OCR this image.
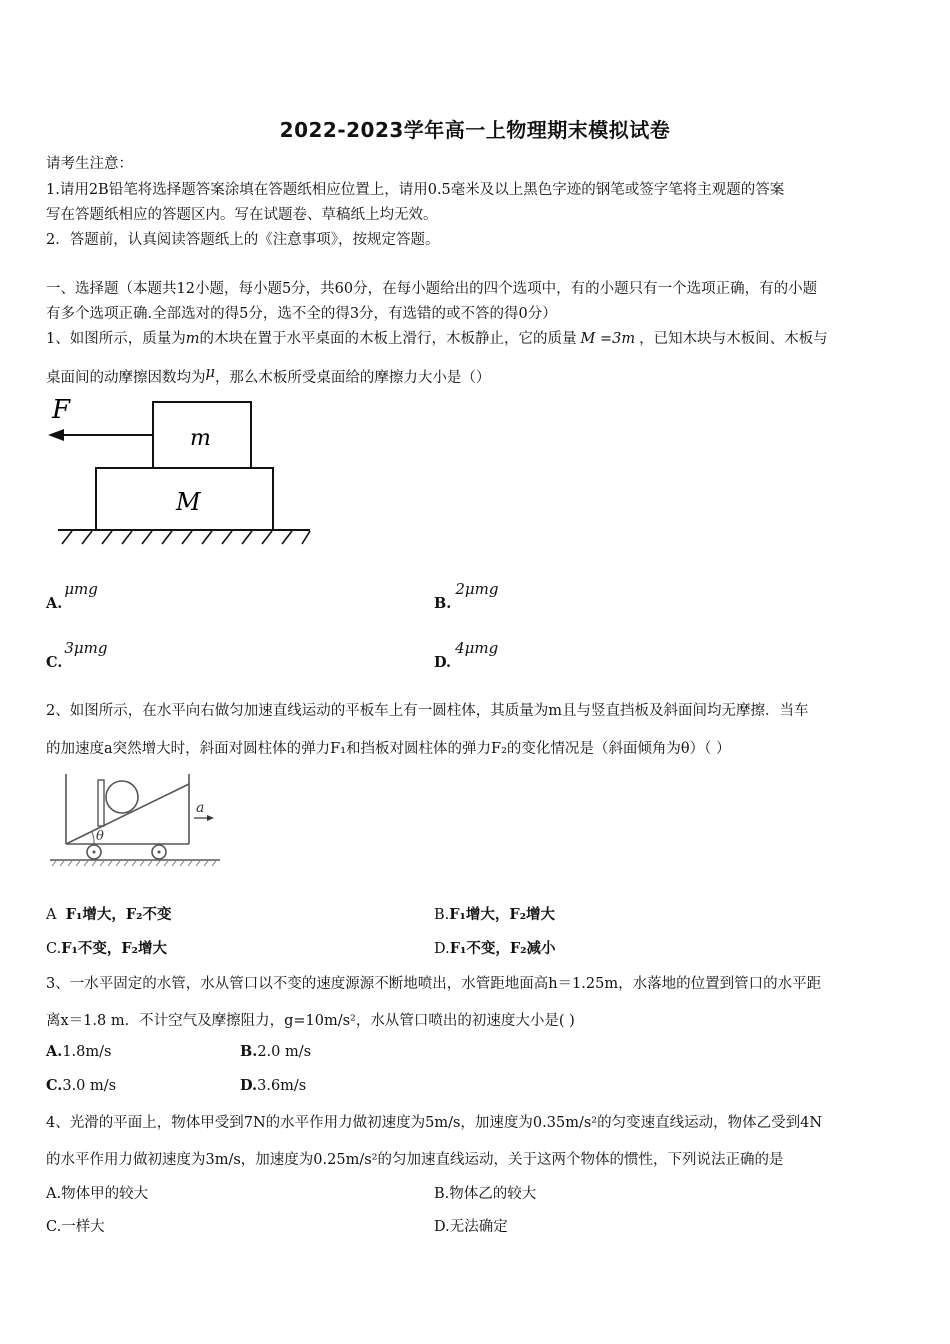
2022-2023学年高一上物理期末模拟试卷
请考生注意：
1.请用2B铅笔将选择题答案涂填在答题纸相应位置上，请用0.5毫米及以上黑色字迹的钢笔或签字笔将主观题的答案
写在答题纸相应的答题区内。写在试题卷、草稿纸上均无效。
2．答题前，认真阅读答题纸上的《注意事项》，按规定答题。
一、选择题（本题共12小题，每小题5分，共60分，在每小题给出的四个选项中，有的小题只有一个选项正确，有的小题
有多个选项正确.全部选对的得5分，选不全的得3分，有选错的或不答的得0分）
1、如图所示，质量为m的木块在置于水平桌面的木板上滑行，木板静止，它的质量 M =3m ，已知木块与木板间、木板与
桌面间的动摩擦因数均为μ，那么木板所受桌面给的摩擦力大小是（）
F
m
M
A.μmg
B.2μmg
C.3μmg
D.4μmg
2、如图所示，在水平向右做匀加速直线运动的平板车上有一圆柱体，其质量为m且与竖直挡板及斜面间均无摩擦．当车
的加速度a突然增大时，斜面对圆柱体的弹力F₁和挡板对圆柱体的弹力F₂的变化情况是（斜面倾角为θ）（ ）
θ
a
A F₁增大，F₂不变	B.F₁增大，F₂增大
C.F₁不变，F₂增大	D.F₁不变，F₂减小
3、一水平固定的水管，水从管口以不变的速度源源不断地喷出，水管距地面高h＝1.25m，水落地的位置到管口的水平距
离x＝1.8 m．不计空气及摩擦阻力，g=10m/s²，水从管口喷出的初速度大小是( )
A.1.8m/s	B.2.0 m/s
C.3.0 m/s	D.3.6m/s
4、光滑的平面上，物体甲受到7N的水平作用力做初速度为5m/s，加速度为0.35m/s²的匀变速直线运动，物体乙受到4N
的水平作用力做初速度为3m/s，加速度为0.25m/s²的匀加速直线运动，关于这两个物体的惯性，下列说法正确的是
A.物体甲的较大	B.物体乙的较大
C.一样大	D.无法确定
